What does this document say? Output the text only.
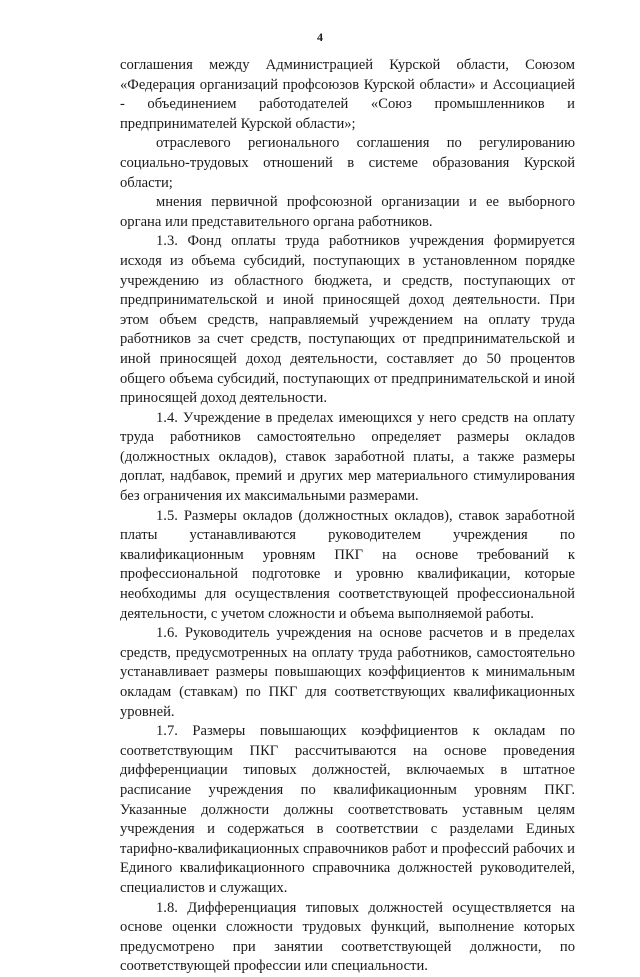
4

соглашения между Администрацией Курской области, Союзом «Федерация организаций профсоюзов Курской области» и Ассоциацией - объединением работодателей «Союз промышленников и предпринимателей Курской области»;

отраслевого регионального соглашения по регулированию социально-трудовых отношений в системе образования Курской области;

мнения первичной профсоюзной организации и ее выборного органа или представительного органа работников.

1.3. Фонд оплаты труда работников учреждения формируется исходя из объема субсидий, поступающих в установленном порядке учреждению из областного бюджета, и средств, поступающих от предпринимательской и иной приносящей доход деятельности. При этом объем средств, направляемый учреждением на оплату труда работников за счет средств, поступающих от предпринимательской и иной приносящей доход деятельности, составляет до 50 процентов общего объема субсидий, поступающих от предпринимательской и иной приносящей доход деятельности.

1.4. Учреждение в пределах имеющихся у него средств на оплату труда работников самостоятельно определяет размеры окладов (должностных окладов), ставок заработной платы, а также размеры доплат, надбавок, премий и других мер материального стимулирования без ограничения их максимальными размерами.

1.5. Размеры окладов (должностных окладов), ставок заработной платы устанавливаются руководителем учреждения по квалификационным уровням ПКГ на основе требований к профессиональной подготовке и уровню квалификации, которые необходимы для осуществления соответствующей профессиональной деятельности, с учетом сложности и объема выполняемой работы.

1.6. Руководитель учреждения на основе расчетов и в пределах средств, предусмотренных на оплату труда работников, самостоятельно устанавливает размеры повышающих коэффициентов к минимальным окладам (ставкам) по ПКГ для соответствующих квалификационных уровней.

1.7. Размеры повышающих коэффициентов к окладам по соответствующим ПКГ рассчитываются на основе проведения дифференциации типовых должностей, включаемых в штатное расписание учреждения по квалификационным уровням ПКГ. Указанные должности должны соответствовать уставным целям учреждения и содержаться в соответствии с разделами Единых тарифно-квалификационных справочников работ и профессий рабочих и Единого квалификационного справочника должностей руководителей, специалистов и служащих.

1.8. Дифференциация типовых должностей осуществляется на основе оценки сложности трудовых функций, выполнение которых предусмотрено при занятии соответствующей должности, по соответствующей профессии или специальности.
